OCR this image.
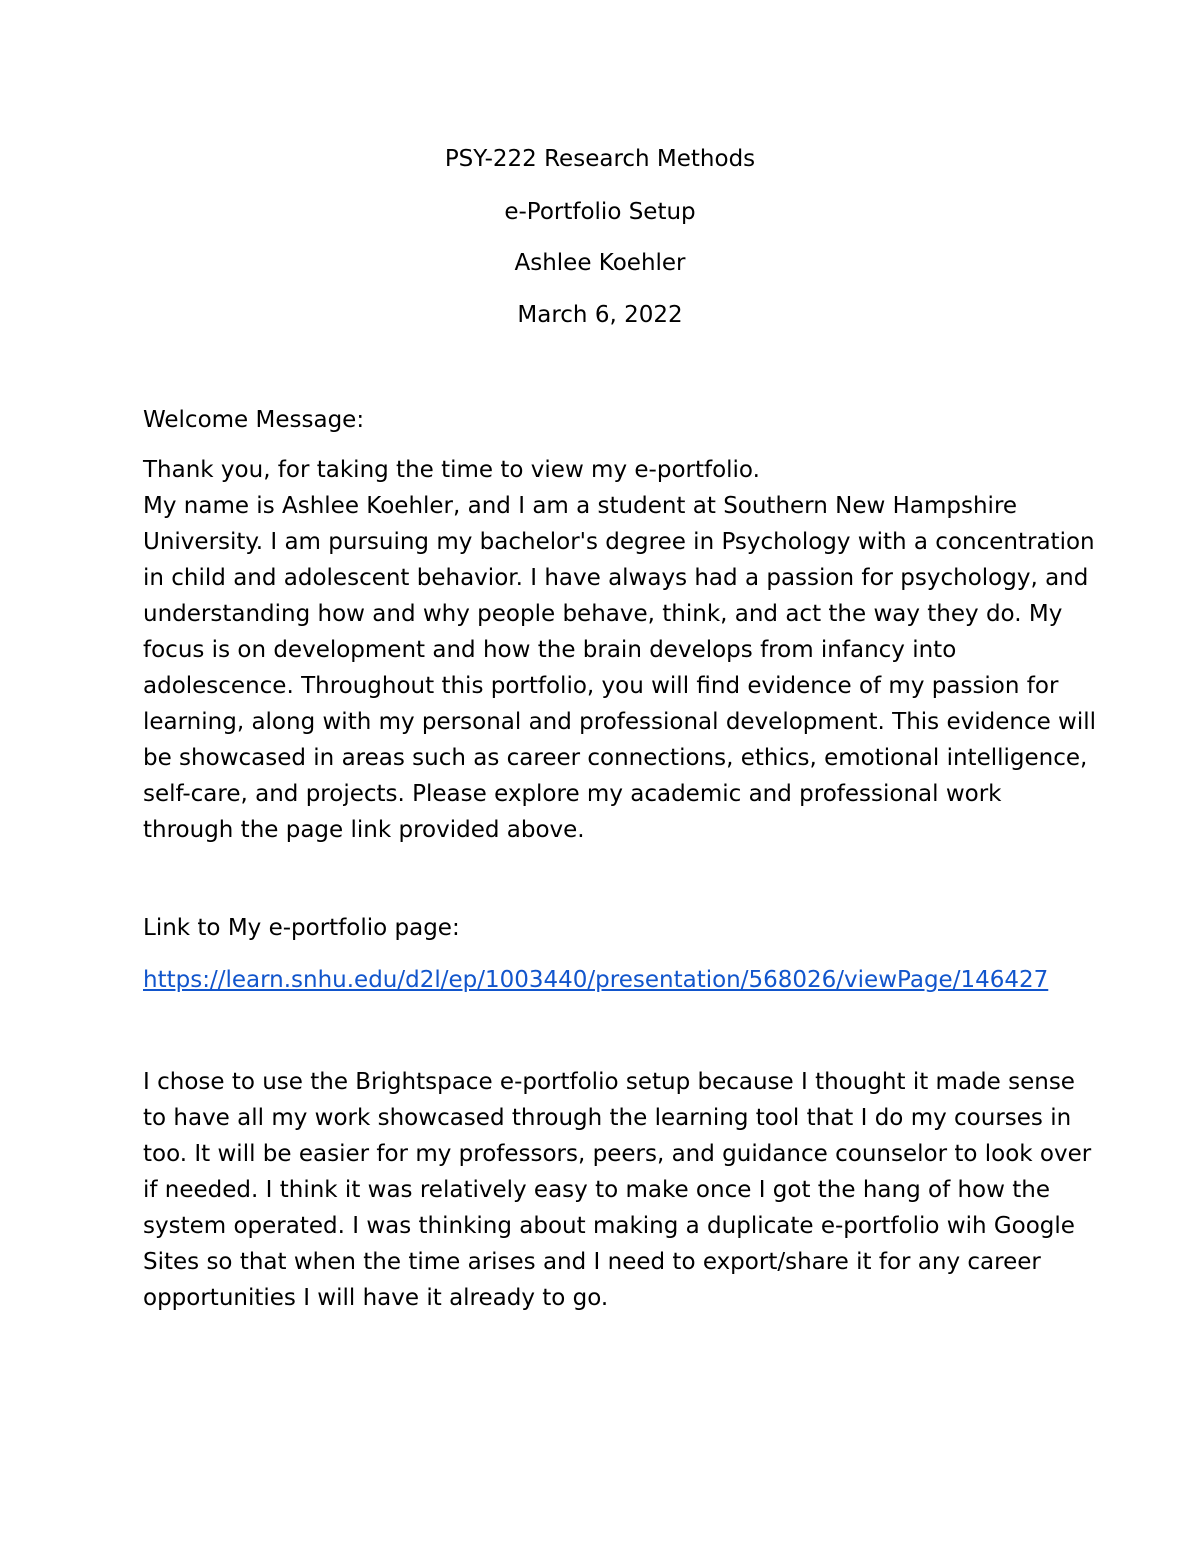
PSY-222 Research Methods
e-Portfolio Setup
Ashlee Koehler
March 6, 2022
Welcome Message:
Thank you, for taking the time to view my e-portfolio.
My name is Ashlee Koehler, and I am a student at Southern New Hampshire
University. I am pursuing my bachelor's degree in Psychology with a concentration
in child and adolescent behavior. I have always had a passion for psychology, and
understanding how and why people behave, think, and act the way they do. My
focus is on development and how the brain develops from infancy into
adolescence. Throughout this portfolio, you will find evidence of my passion for
learning, along with my personal and professional development. This evidence will
be showcased in areas such as career connections, ethics, emotional intelligence,
self-care, and projects. Please explore my academic and professional work
through the page link provided above.
Link to My e-portfolio page:
https://learn.snhu.edu/d2l/ep/1003440/presentation/568026/viewPage/146427
I chose to use the Brightspace e-portfolio setup because I thought it made sense
to have all my work showcased through the learning tool that I do my courses in
too. It will be easier for my professors, peers, and guidance counselor to look over
if needed. I think it was relatively easy to make once I got the hang of how the
system operated. I was thinking about making a duplicate e-portfolio wih Google
Sites so that when the time arises and I need to export/share it for any career
opportunities I will have it already to go.
